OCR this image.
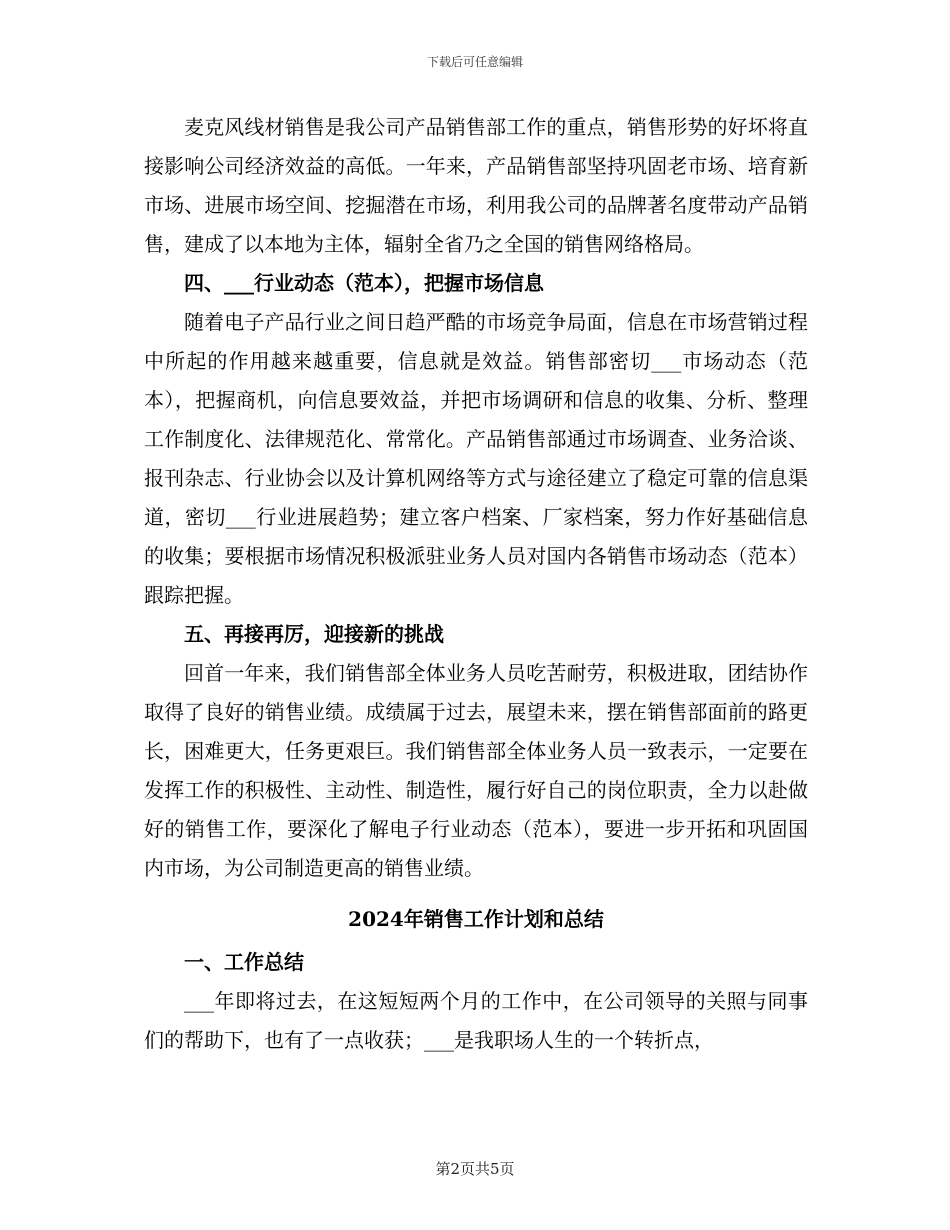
下载后可任意编辑

麦克风线材销售是我公司产品销售部工作的重点，销售形势的好坏将直接影响公司经济效益的高低。一年来，产品销售部坚持巩固老市场、培育新市场、进展市场空间、挖掘潜在市场，利用我公司的品牌著名度带动产品销售，建成了以本地为主体，辐射全省乃之全国的销售网络格局。

四、___行业动态（范本），把握市场信息

随着电子产品行业之间日趋严酷的市场竞争局面，信息在市场营销过程中所起的作用越来越重要，信息就是效益。销售部密切___市场动态（范本），把握商机，向信息要效益，并把市场调研和信息的收集、分析、整理工作制度化、法律规范化、常常化。产品销售部通过市场调查、业务洽谈、报刊杂志、行业协会以及计算机网络等方式与途径建立了稳定可靠的信息渠道，密切___行业进展趋势；建立客户档案、厂家档案，努力作好基础信息的收集；要根据市场情况积极派驻业务人员对国内各销售市场动态（范本）跟踪把握。

五、再接再厉，迎接新的挑战

回首一年来，我们销售部全体业务人员吃苦耐劳，积极进取，团结协作取得了良好的销售业绩。成绩属于过去，展望未来，摆在销售部面前的路更长，困难更大，任务更艰巨。我们销售部全体业务人员一致表示，一定要在发挥工作的积极性、主动性、制造性，履行好自己的岗位职责，全力以赴做好的销售工作，要深化了解电子行业动态（范本），要进一步开拓和巩固国内市场，为公司制造更高的销售业绩。

2024年销售工作计划和总结
一、工作总结

___年即将过去，在这短短两个月的工作中，在公司领导的关照与同事们的帮助下，也有了一点收获；___是我职场人生的一个转折点，

第2页共5页
